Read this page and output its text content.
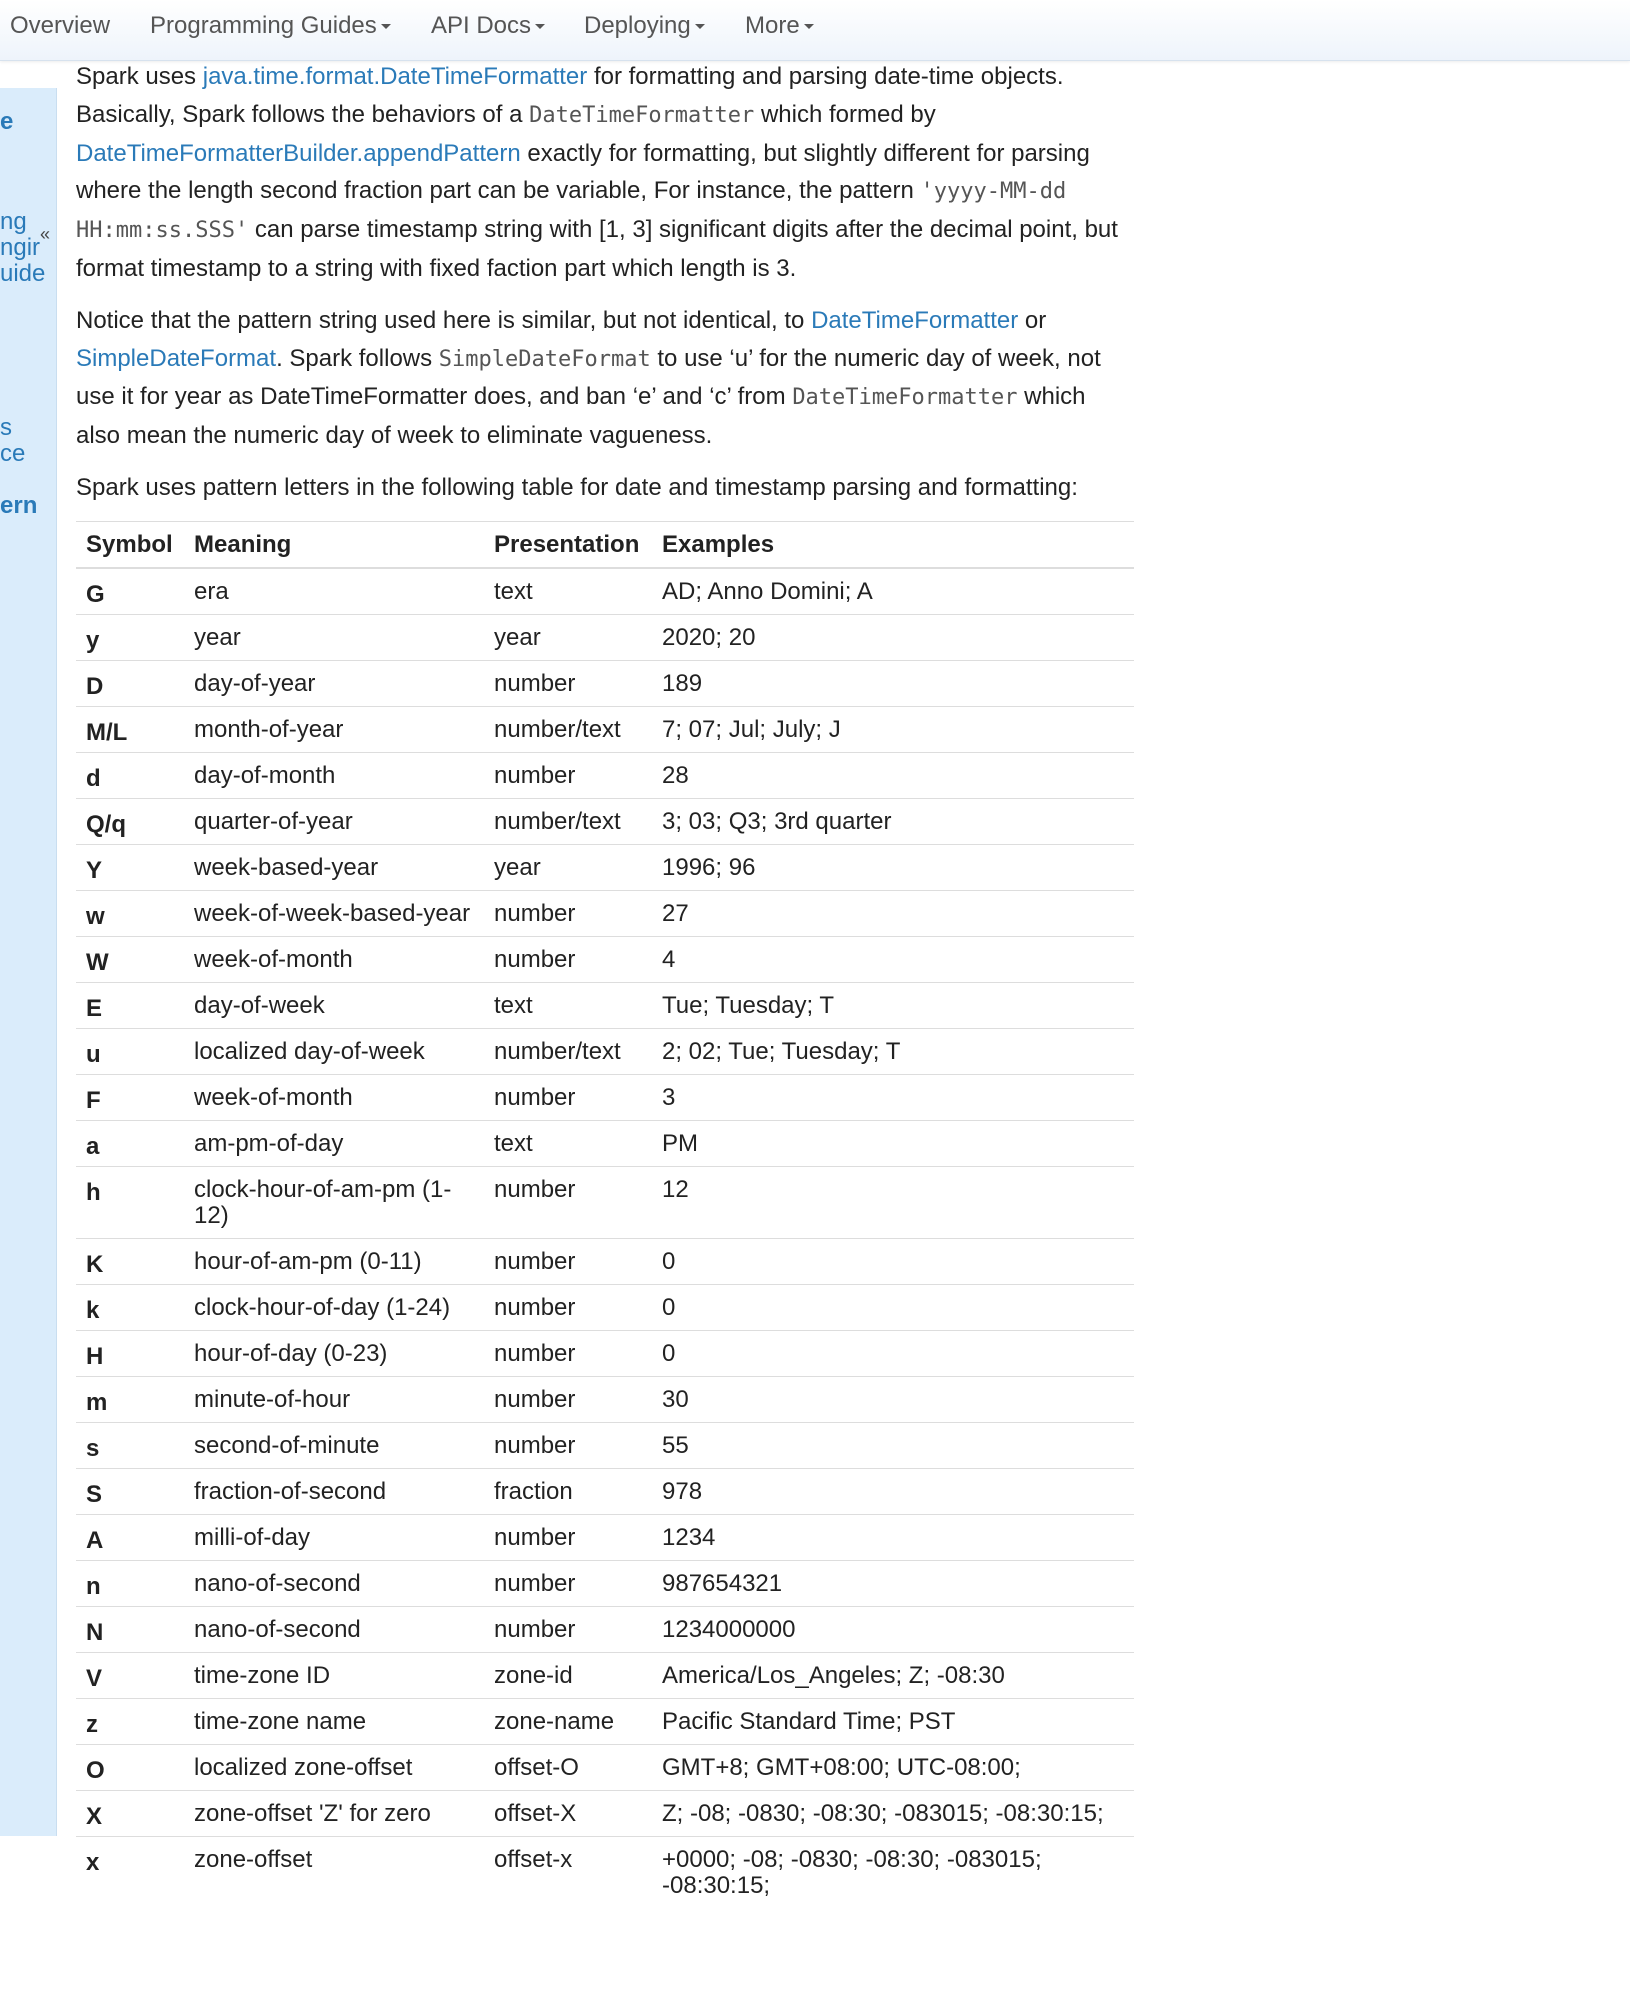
Overview Programming Guides	API Docs	Deploying	More
e
ng
ngir
uide
s
ce
ern
«

Spark uses java.time.format.DateTimeFormatter for formatting and parsing date-time objects. Basically, Spark follows the behaviors of a DateTimeFormatter which formed by DateTimeFormatterBuilder.appendPattern exactly for formatting, but slightly different for parsing where the length second fraction part can be variable, For instance, the pattern 'yyyy-MM-dd HH:mm:ss.SSS' can parse timestamp string with [1, 3] significant digits after the decimal point, but format timestamp to a string with fixed faction part which length is 3.

Notice that the pattern string used here is similar, but not identical, to DateTimeFormatter or SimpleDateFormat. Spark follows SimpleDateFormat to use ‘u’ for the numeric day of week, not use it for year as DateTimeFormatter does, and ban ‘e’ and ‘c’ from DateTimeFormatter which also mean the numeric day of week to eliminate vagueness.

Spark uses pattern letters in the following table for date and timestamp parsing and formatting:

Symbol	Meaning	Presentation	Examples
G	era	text	AD; Anno Domini; A
y	year	year	2020; 20
D	day-of-year	number	189
M/L	month-of-year	number/text	7; 07; Jul; July; J
d	day-of-month	number	28
Q/q	quarter-of-year	number/text	3; 03; Q3; 3rd quarter
Y	week-based-year	year	1996; 96
w	week-of-week-based-year	number	27
W	week-of-month	number	4
E	day-of-week	text	Tue; Tuesday; T
u	localized day-of-week	number/text	2; 02; Tue; Tuesday; T
F	week-of-month	number	3
a	am-pm-of-day	text	PM
h	clock-hour-of-am-pm (1-12)	number	12
K	hour-of-am-pm (0-11)	number	0
k	clock-hour-of-day (1-24)	number	0
H	hour-of-day (0-23)	number	0
m	minute-of-hour	number	30
s	second-of-minute	number	55
S	fraction-of-second	fraction	978
A	milli-of-day	number	1234
n	nano-of-second	number	987654321
N	nano-of-second	number	1234000000
V	time-zone ID	zone-id	America/Los_Angeles; Z; -08:30
z	time-zone name	zone-name	Pacific Standard Time; PST
O	localized zone-offset	offset-O	GMT+8; GMT+08:00; UTC-08:00;
X	zone-offset 'Z' for zero	offset-X	Z; -08; -0830; -08:30; -083015; -08:30:15;
x	zone-offset	offset-x	+0000; -08; -0830; -08:30; -083015; -08:30:15;
